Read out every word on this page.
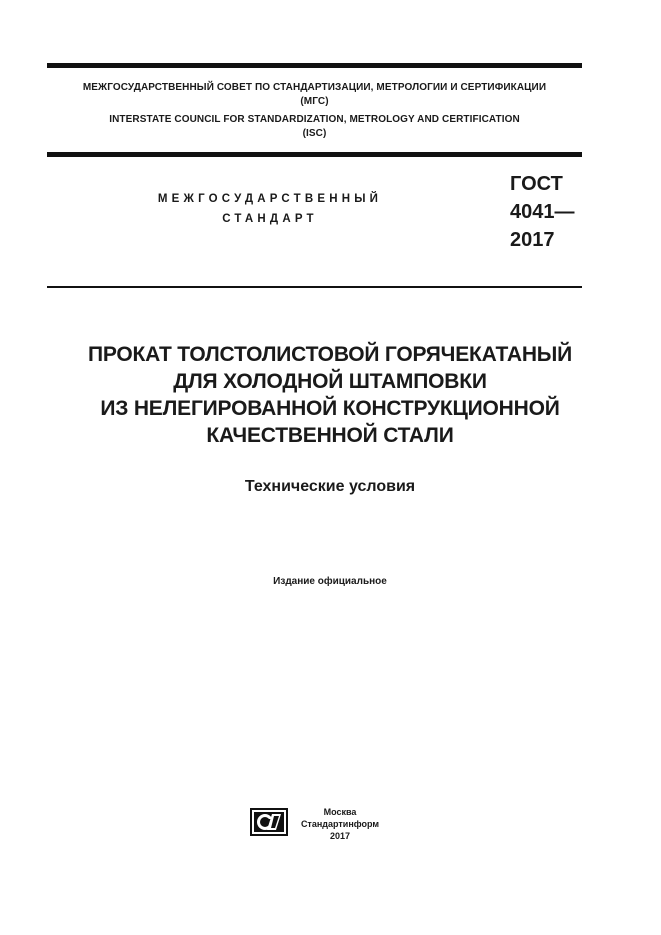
МЕЖГОСУДАРСТВЕННЫЙ СОВЕТ ПО СТАНДАРТИЗАЦИИ, МЕТРОЛОГИИ И СЕРТИФИКАЦИИ
(МГС)
INTERSTATE COUNCIL FOR STANDARDIZATION, METROLOGY AND CERTIFICATION
(ISC)
МЕЖГОСУДАРСТВЕННЫЙ
СТАНДАРТ
ГОСТ
4041—
2017
ПРОКАТ ТОЛСТОЛИСТОВОЙ ГОРЯЧЕКАТАНЫЙ
ДЛЯ ХОЛОДНОЙ ШТАМПОВКИ
ИЗ НЕЛЕГИРОВАННОЙ КОНСТРУКЦИОННОЙ
КАЧЕСТВЕННОЙ СТАЛИ
Технические условия
Издание официальное
Москва
Стандартинформ
2017
